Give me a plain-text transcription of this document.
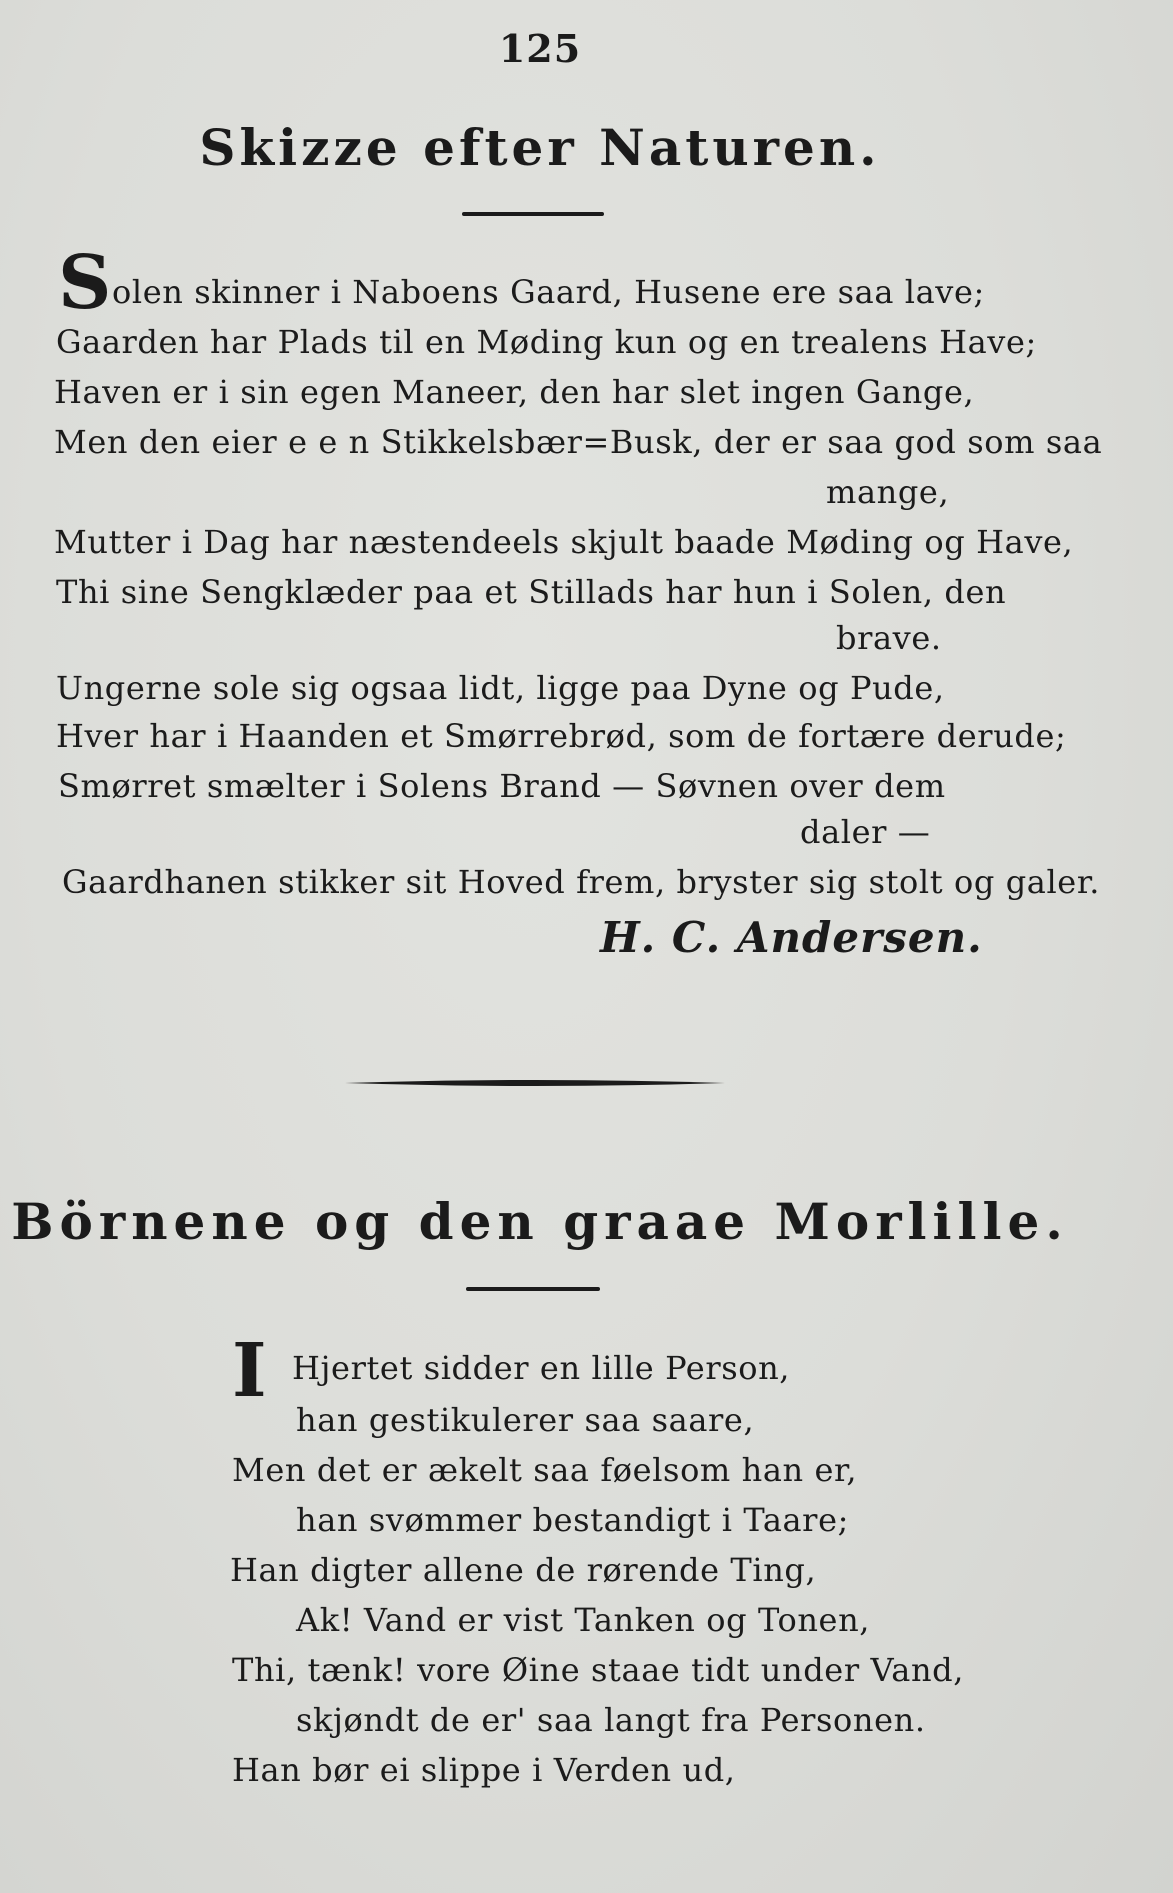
125
Skizze efter Naturen.
S olen skinner i Naboens Gaard, Husene ere saa lave;
Gaarden har Plads til en Møding kun og en trealens Have;
Haven er i sin egen Maneer, den har slet ingen Gange,
Men den eier e e n Stikkelsbær=Busk, der er saa god som saa
mange,
Mutter i Dag har næstendeels skjult baade Møding og Have,
Thi sine Sengklæder paa et Stillads har hun i Solen, den
brave.
Ungerne sole sig ogsaa lidt, ligge paa Dyne og Pude,
Hver har i Haanden et Smørrebrød, som de fortære derude;
Smørret smælter i Solens Brand — Søvnen over dem
daler —
Gaardhanen stikker sit Hoved frem, bryster sig stolt og galer.
H. C. Andersen.
Börnene og den graae Morlille.
I Hjertet sidder en lille Person,
han gestikulerer saa saare,
Men det er ækelt saa føelsom han er,
han svømmer bestandigt i Taare;
Han digter allene de rørende Ting,
Ak! Vand er vist Tanken og Tonen,
Thi, tænk! vore Øine staae tidt under Vand,
skjøndt de er' saa langt fra Personen.
Han bør ei slippe i Verden ud,
